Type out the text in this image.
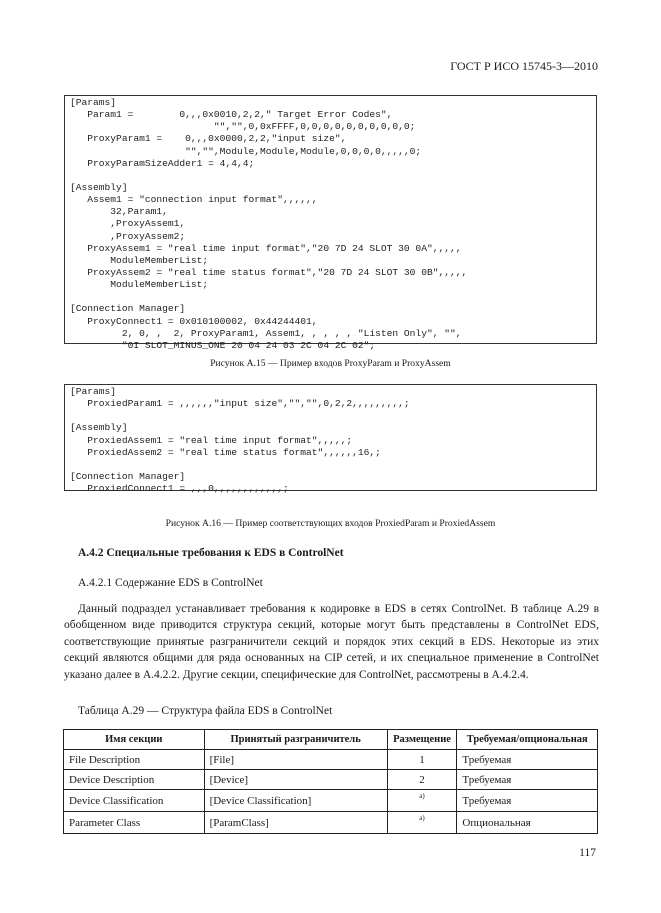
ГОСТ Р ИСО 15745-3—2010
[Params]
Param1 =        0,,,0x0010,2,2," Target Error Codes",
"","",0,0xFFFF,0,0,0,0,0,0,0,0,0,0;
ProxyParam1 =    0,,,0x0000,2,2,"input size",
"","",Module,Module,Module,0,0,0,0,,,,,0;
ProxyParamSizeAdder1 = 4,4,4;
[Assembly]
Assem1 = "connection input format",,,,,,
32,Param1,
,ProxyAssem1,
,ProxyAssem2;
ProxyAssem1 = "real time input format","20 7D 24 SLOT 30 0A",,,,,
ModuleMemberList;
ProxyAssem2 = "real time status format","20 7D 24 SLOT 30 0B",,,,,
ModuleMemberList;
[Connection Manager]
ProxyConnect1 = 0x010100002, 0x44244401,
2, 0, ,  2, ProxyParam1, Assem1, , , , , "Listen Only", "",
"0I SLOT_MINUS_ONE 20 04 24 03 2C 04 2C 02";
Рисунок А.15 — Пример входов ProxyParam и ProxyAssem
[Params]
ProxiedParam1 = ,,,,,,"input size","","",0,2,2,,,,,,,,,;
[Assembly]
ProxiedAssem1 = "real time input format",,,,,;
ProxiedAssem2 = "real time status format",,,,,,16,;
[Connection Manager]
ProxiedConnect1 = ,,,0,,,,,,,,,,,,;
Рисунок А.16 — Пример соответствующих входов ProxiedParam и ProxiedAssem
А.4.2 Специальные требования к EDS в ControlNet
А.4.2.1 Содержание EDS в ControlNet
Данный подраздел устанавливает требования к кодировке в EDS в сетях ControlNet. В таблице А.29 в обобщенном виде приводится структура секций, которые могут быть представлены в ControlNet EDS, соответствующие принятые разграничители секций и порядок этих секций в EDS. Некоторые из этих секций являются общими для ряда основанных на CIP сетей, и их специальное применение в ControlNet указано далее в А.4.2.2. Другие секции, специфические для ControlNet, рассмотрены в А.4.2.4.
Таблица А.29 — Структура файла EDS в ControlNet
Имя секции	Принятый разграничитель	Размещение	Требуемая/опциональная
File Description	[File]	1	Требуемая
Device Description	[Device]	2	Требуемая
Device Classification	[Device Classification]	a)	Требуемая
Parameter Class	[ParamClass]	a)	Опциональная
117
